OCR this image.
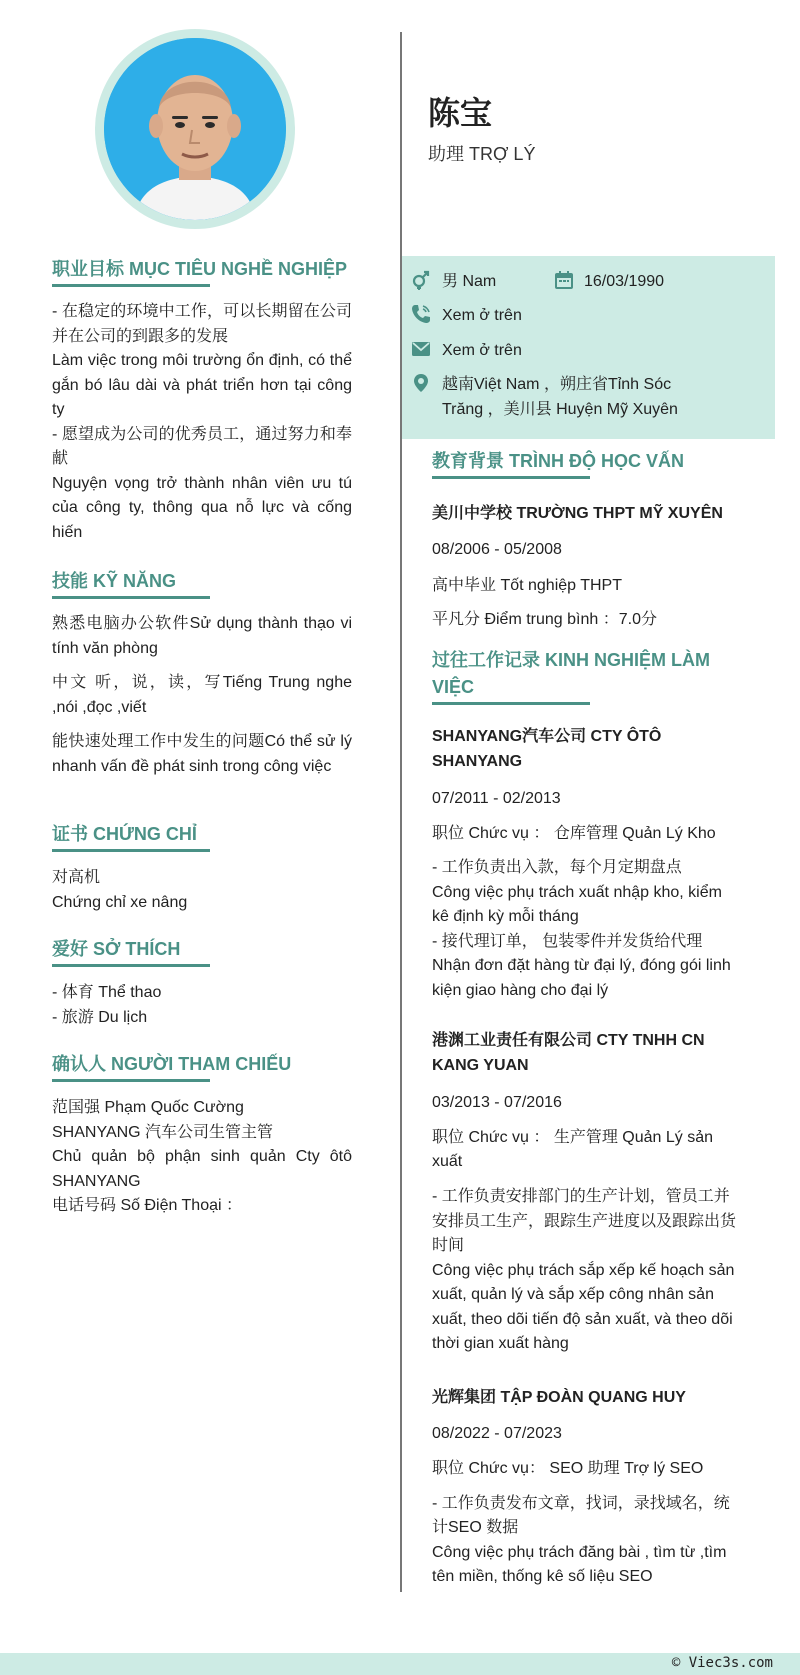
职业目标 MỤC TIÊU NGHỀ NGHIỆP
- 在稳定的环境中工作，可以长期留在公司并在公司的到跟多的发展
Làm việc trong môi trường ổn định, có thể gắn bó lâu dài và phát triển hơn tại công ty
- 愿望成为公司的优秀员工，通过努力和奉献
Nguyện vọng trở thành nhân viên ưu tú của công ty, thông qua nỗ lực và cống hiến
技能 KỸ NĂNG
熟悉电脑办公软件Sử dụng thành thạo vi tính văn phòng
中文 听，说，读，写Tiếng Trung nghe ,nói ,đọc ,viết
能快速处理工作中发生的问题Có thể sử lý nhanh vấn đề phát sinh trong công việc
证书 CHỨNG CHỈ
对高机
Chứng chỉ xe nâng
爱好 SỞ THÍCH
- 体育 Thể thao
- 旅游 Du lịch
确认人 NGƯỜI THAM CHIẾU
范国强 Phạm Quốc Cường
SHANYANG 汽车公司生管主管
Chủ quản bộ phận sinh quản Cty ôtô SHANYANG
电话号码 Số Điện Thoại ：
陈宝
助理 TRỢ LÝ
男 Nam	16/03/1990
Xem ở trên
Xem ở trên
越南Việt Nam ，朔庄省Tỉnh Sóc
Trăng ，美川县 Huyện Mỹ Xuyên
教育背景 TRÌNH ĐỘ HỌC VẤN
美川中学校 TRƯỜNG THPT MỸ XUYÊN
08/2006 - 05/2008
高中毕业 Tốt nghiệp THPT
平凡分 Điểm trung bình ：7.0分
过往工作记录 KINH NGHIỆM LÀM
VIỆC
SHANYANG汽车公司 CTY ÔTÔ
SHANYANG
07/2011 - 02/2013
职位 Chức vụ ： 仓库管理 Quản Lý Kho
- 工作负责出入款，每个月定期盘点
Công việc phụ trách xuất nhập kho, kiểm
kê định kỳ mỗi tháng
- 接代理订单， 包装零件并发货给代理
Nhận đơn đặt hàng từ đại lý, đóng gói linh
kiện giao hàng cho đại lý
港渊工业责任有限公司 CTY TNHH CN
KANG YUAN
03/2013 - 07/2016
职位 Chức vụ ： 生产管理 Quản Lý sản
xuất
- 工作负责安排部门的生产计划，管员工并
安排员工生产，跟踪生产进度以及跟踪出货
时间
Công việc phụ trách sắp xếp kế hoạch sản
xuất, quản lý và sắp xếp công nhân sản
xuất, theo dõi tiến độ sản xuất, và theo dõi
thời gian xuất hàng
光辉集团 TẬP ĐOÀN QUANG HUY
08/2022 - 07/2023
职位 Chức vụ： SEO 助理 Trợ lý SEO
- 工作负责发布文章，找词，录找域名，统
计SEO 数据
Công việc phụ trách đăng bài , tìm từ ,tìm
tên miền, thống kê số liệu SEO
© Viec3s.com
